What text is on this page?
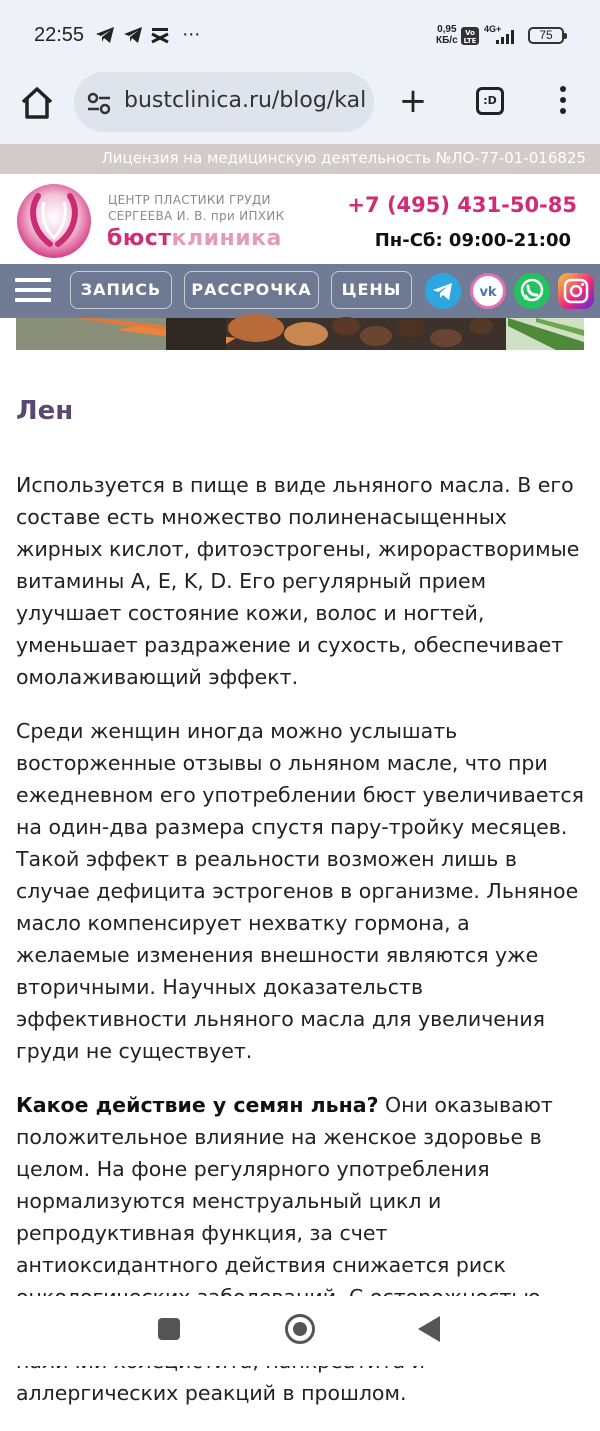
22:55	⋯	0,95
КБ/с
Vo LTE
4G+	75
bustclinica.ru/blog/kal +	:D
Лицензия на медицинскую деятельность №ЛО-77-01-016825
ЦЕНТР ПЛАСТИКИ ГРУДИ
СЕРГЕЕВА И. В. при ИПХИК
бюстклиника
+7 (495) 431-50-85
Пн-Сб: 09:00-21:00
ЗАПИСЬ	РАССРОЧКА	ЦЕНЫ	vk
Лен

Используется в пище в виде льняного масла. В его составе есть множество полиненасыщенных жирных кислот, фитоэстрогены, жирорастворимые витамины A, E, K, D. Его регулярный прием улучшает состояние кожи, волос и ногтей, уменьшает раздражение и сухость, обеспечивает омолаживающий эффект.

Среди женщин иногда можно услышать восторженные отзывы о льняном масле, что при ежедневном его употреблении бюст увеличивается на один-два размера спустя пару-тройку месяцев. Такой эффект в реальности возможен лишь в случае дефицита эстрогенов в организме. Льняное масло компенсирует нехватку гормона, а желаемые изменения внешности являются уже вторичными. Научных доказательств эффективности льняного масла для увеличения груди не существует.

Какое действие у семян льна? Они оказывают положительное влияние на женское здоровье в целом. На фоне регулярного употребления нормализуются менструальный цикл и репродуктивная функция, за счет антиоксидантного действия снижается риск аллергических реакций в прошлом.
